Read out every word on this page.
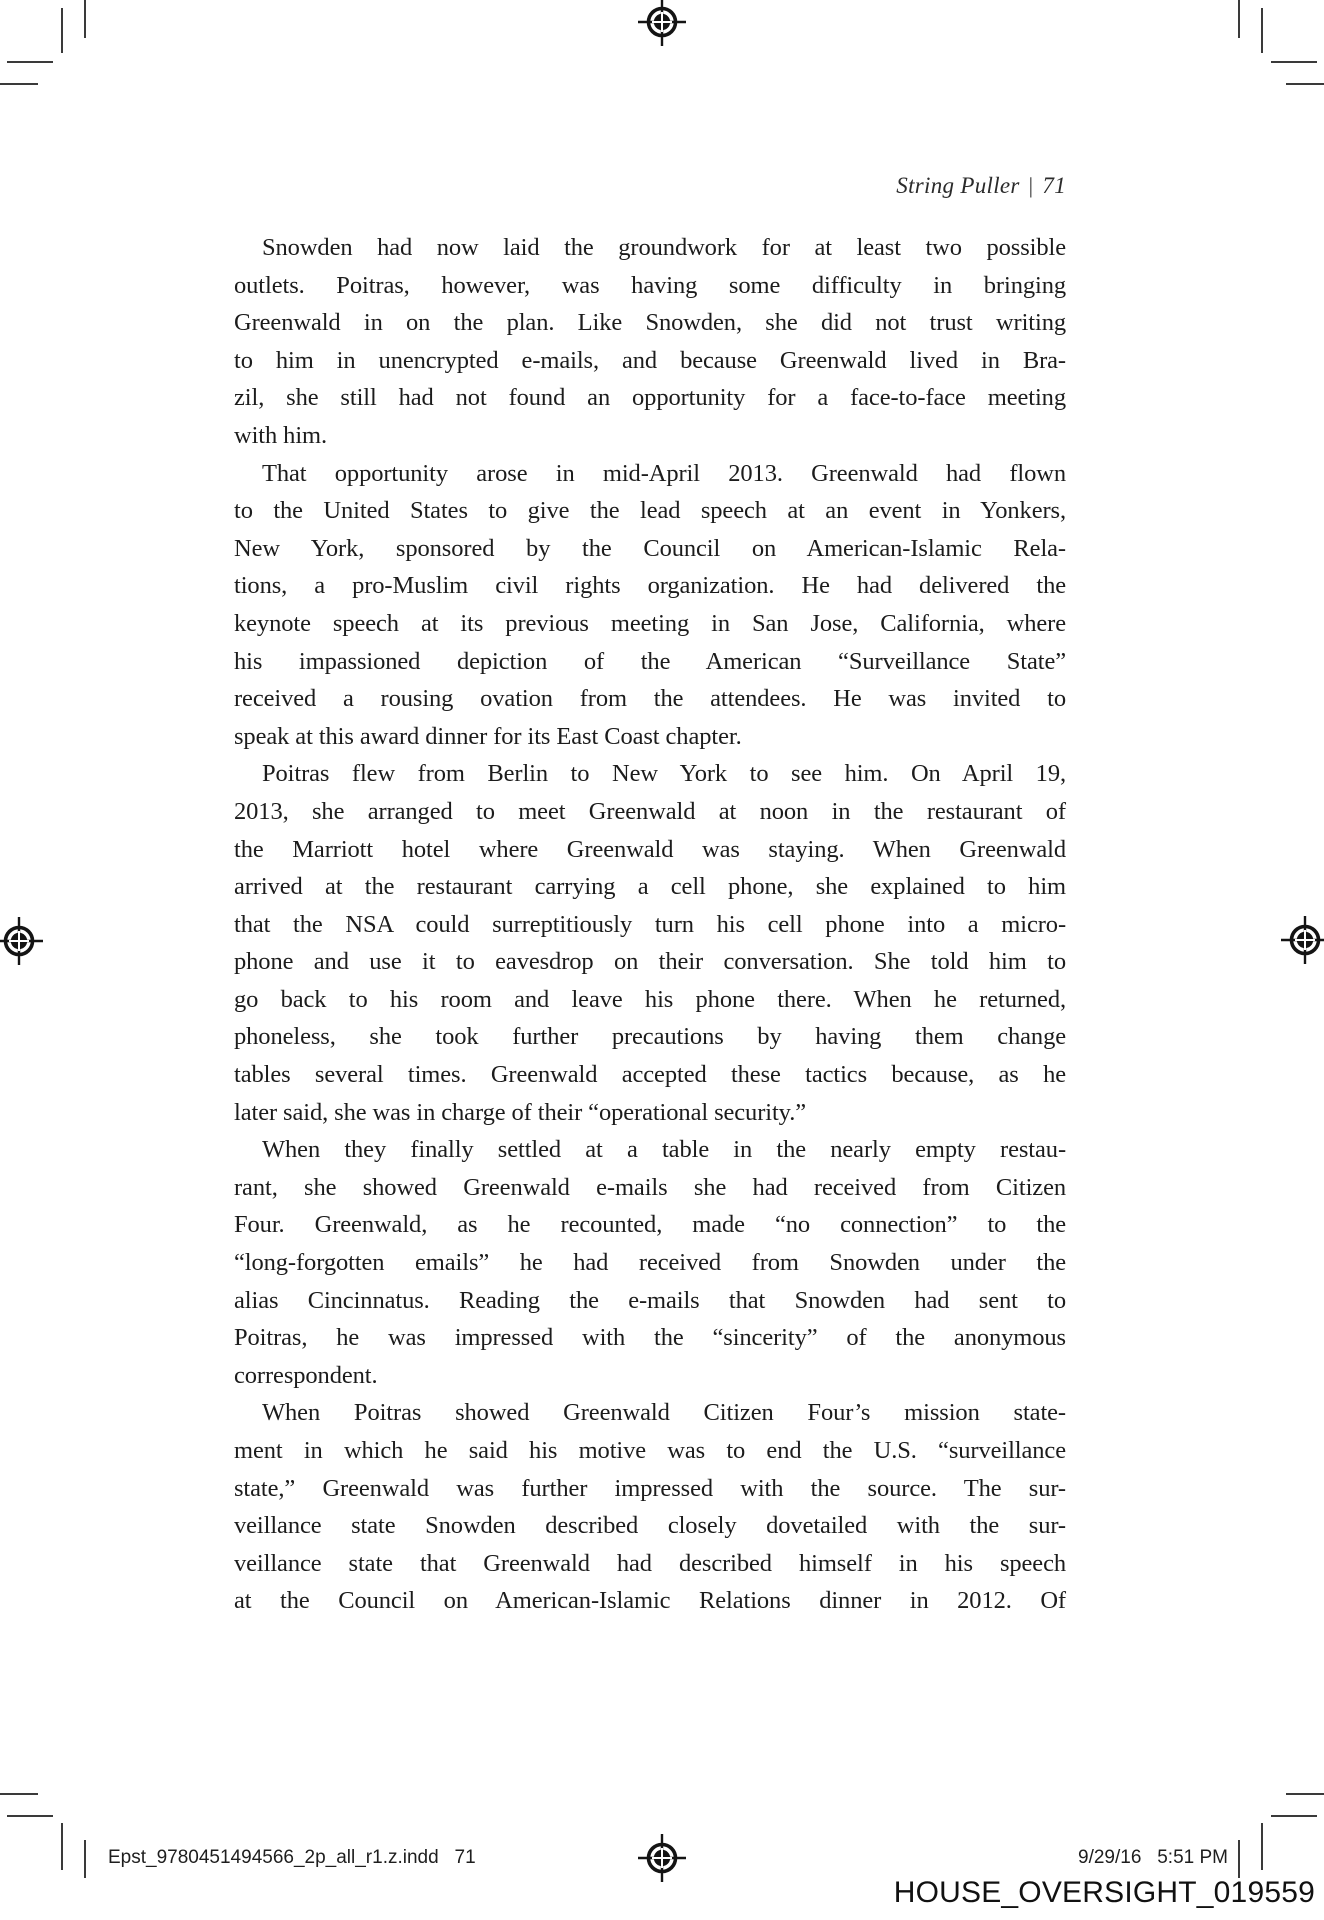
String Puller | 71
Snowden had now laid the groundwork for at least two possible
outlets. Poitras, however, was having some difficulty in bringing
Greenwald in on the plan. Like Snowden, she did not trust writing
to him in unencrypted e-mails, and because Greenwald lived in Bra-
zil, she still had not found an opportunity for a face-to-face meeting
with him.
That opportunity arose in mid-April 2013. Greenwald had flown
to the United States to give the lead speech at an event in Yonkers,
New York, sponsored by the Council on American-Islamic Rela-
tions, a pro-Muslim civil rights organization. He had delivered the
keynote speech at its previous meeting in San Jose, California, where
his impassioned depiction of the American “Surveillance State”
received a rousing ovation from the attendees. He was invited to
speak at this award dinner for its East Coast chapter.
Poitras flew from Berlin to New York to see him. On April 19,
2013, she arranged to meet Greenwald at noon in the restaurant of
the Marriott hotel where Greenwald was staying. When Greenwald
arrived at the restaurant carrying a cell phone, she explained to him
that the NSA could surreptitiously turn his cell phone into a micro-
phone and use it to eavesdrop on their conversation. She told him to
go back to his room and leave his phone there. When he returned,
phoneless, she took further precautions by having them change
tables several times. Greenwald accepted these tactics because, as he
later said, she was in charge of their “operational security.”
When they finally settled at a table in the nearly empty restau-
rant, she showed Greenwald e-mails she had received from Citizen
Four. Greenwald, as he recounted, made “no connection” to the
“long-forgotten emails” he had received from Snowden under the
alias Cincinnatus. Reading the e-mails that Snowden had sent to
Poitras, he was impressed with the “sincerity” of the anonymous
correspondent.
When Poitras showed Greenwald Citizen Four’s mission state-
ment in which he said his motive was to end the U.S. “surveillance
state,” Greenwald was further impressed with the source. The sur-
veillance state Snowden described closely dovetailed with the sur-
veillance state that Greenwald had described himself in his speech
at the Council on American-Islamic Relations dinner in 2012. Of
Epst_9780451494566_2p_all_r1.z.indd   71	9/29/16   5:51 PM
HOUSE_OVERSIGHT_019559
